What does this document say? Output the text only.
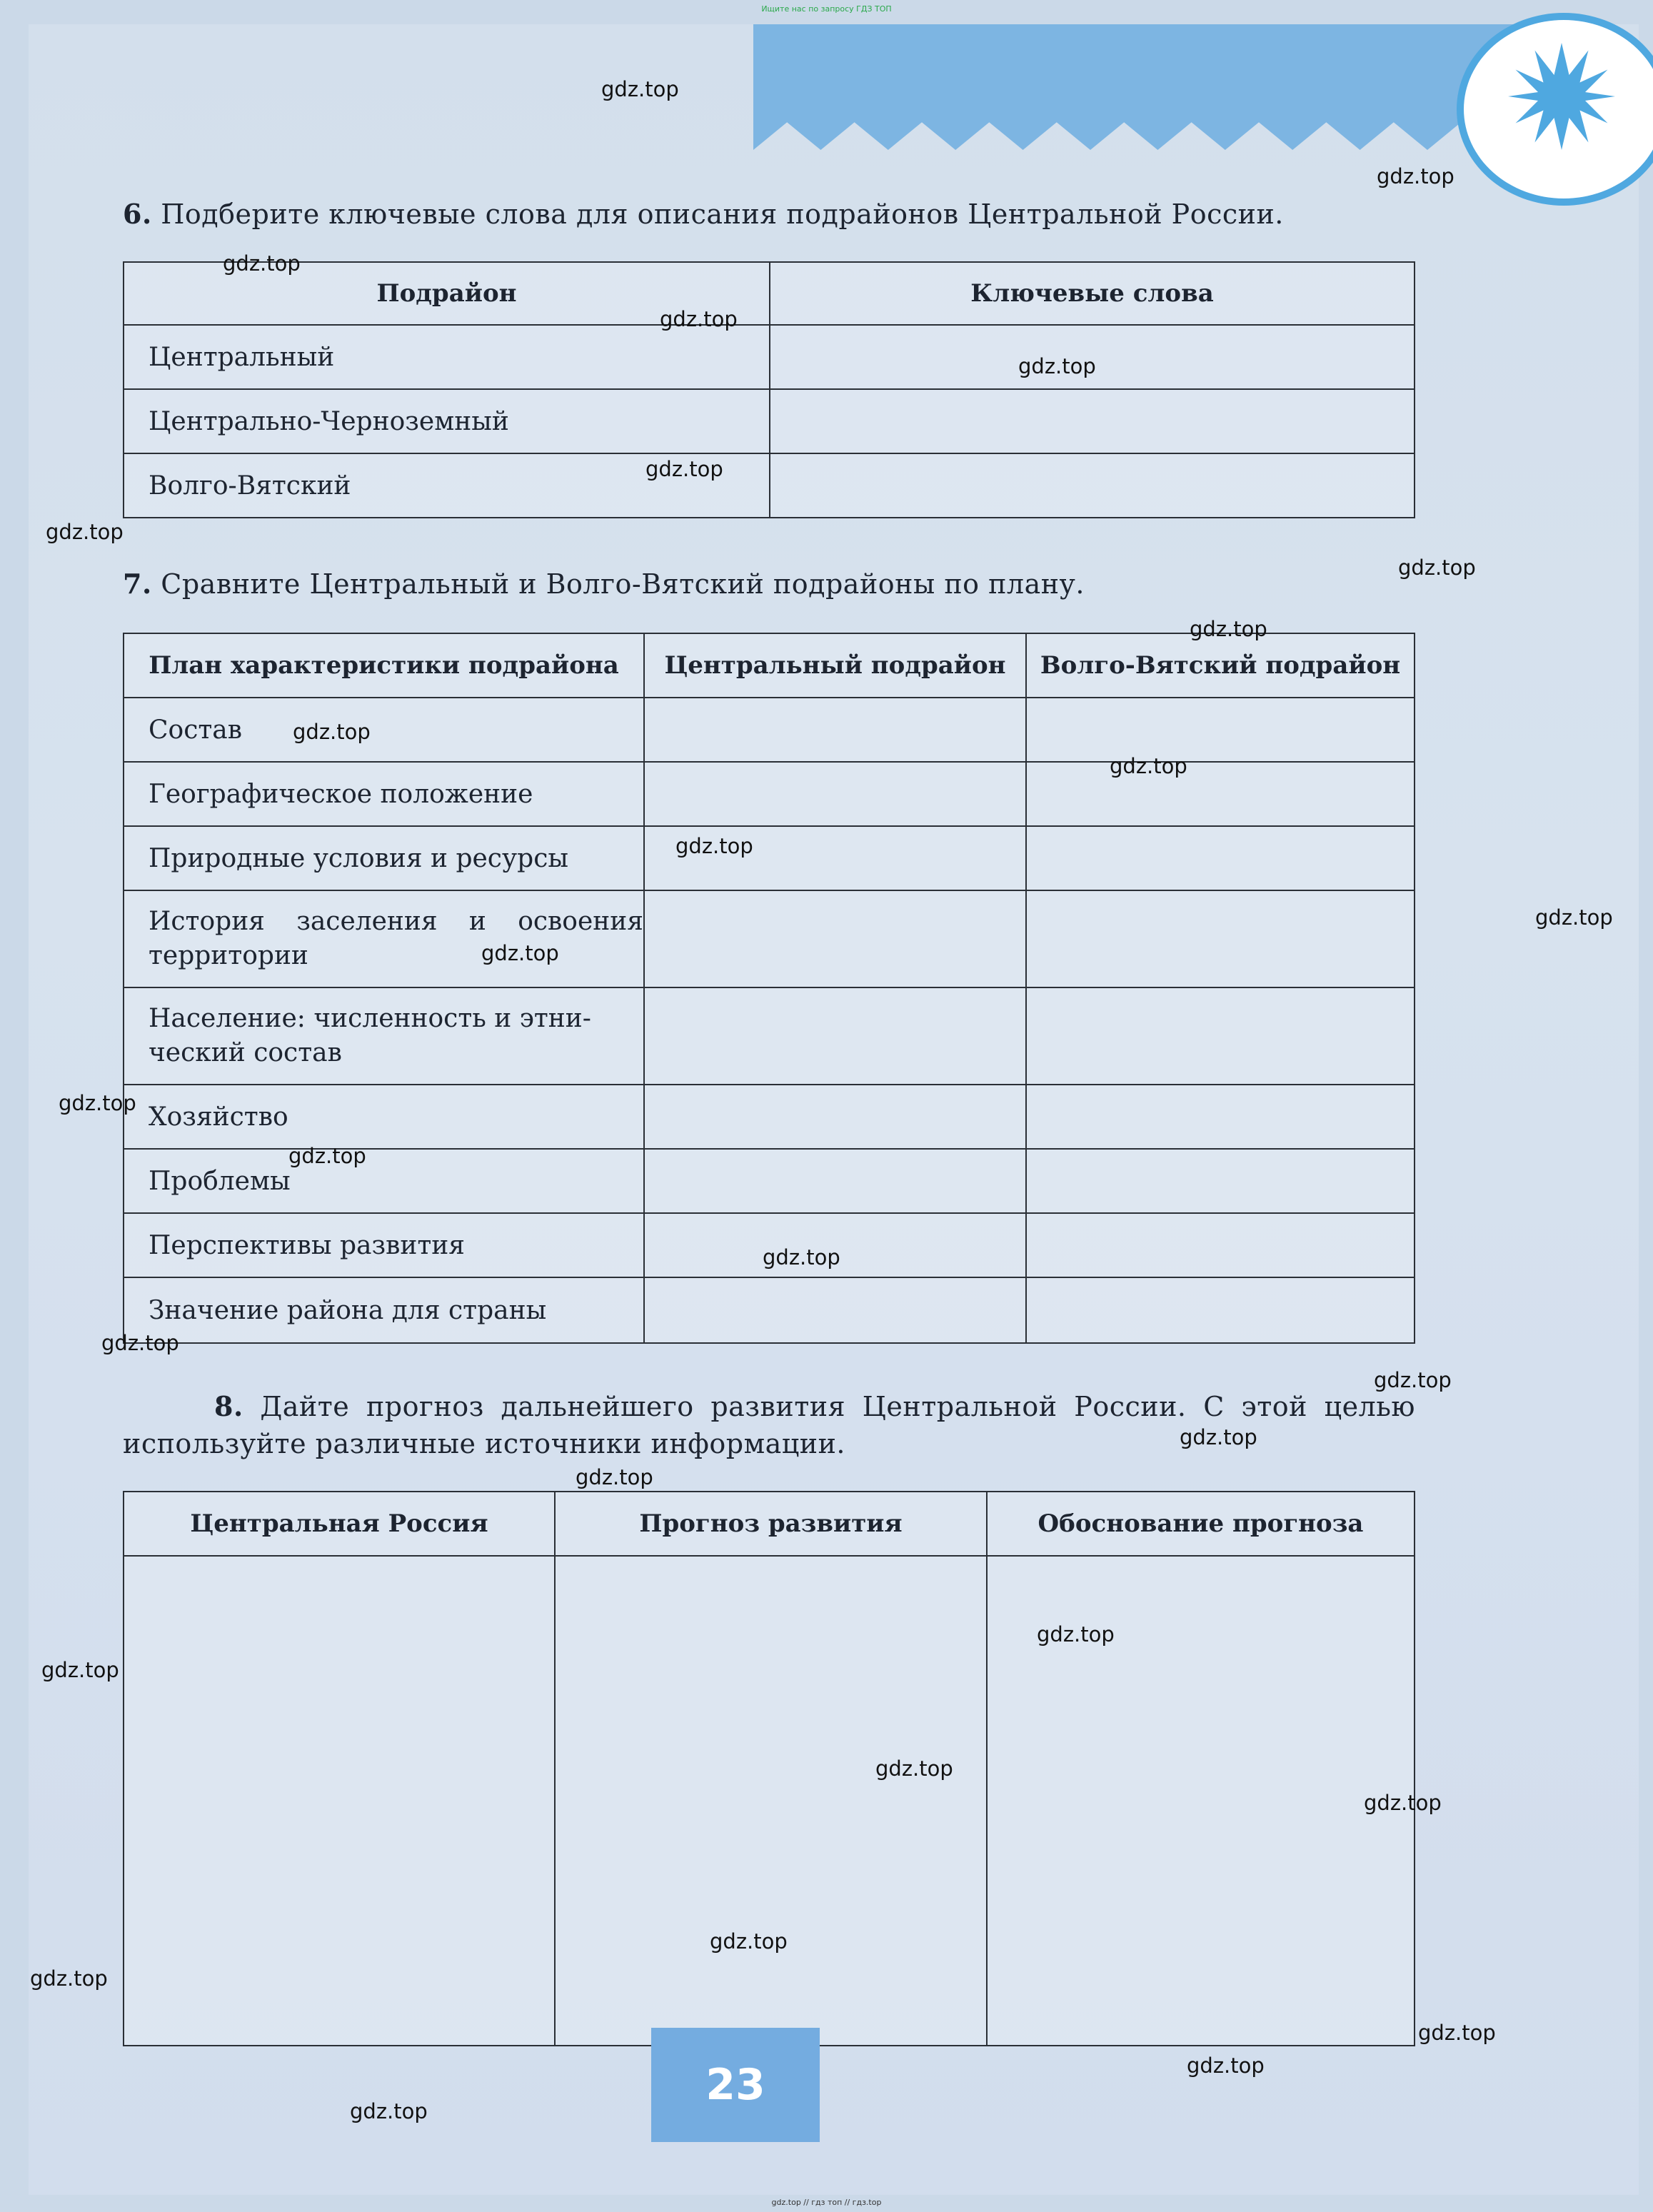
Ищите нас по запросу ГДЗ ТОП
6. Подберите ключевые слова для описания подрайонов Центральной России.
Подрайон	Ключевые слова
Центральный	
Центрально-Черноземный	
Волго-Вятский	
7. Сравните Центральный и Волго-Вятский подрайоны по плану.
План характеристики подрайона	Центральный подрайон	Волго-Вятский подрайон
Состав		
Географическое положение		
Природные условия и ресурсы		
История заселения и освоения территории		
Население: численность и этни-ческий состав		
Хозяйство		
Проблемы		
Перспективы развития		
Значение района для страны		
8. Дайте прогноз дальнейшего развития Центральной России. С этой целью используйте различные источники информации.
Центральная Россия	Прогноз развития	Обоснование прогноза

23
gdz.top
gdz.top
gdz.top
gdz.top
gdz.top
gdz.top
gdz.top
gdz.top
gdz.top
gdz.top
gdz.top
gdz.top
gdz.top
gdz.top
gdz.top
gdz.top
gdz.top
gdz.top
gdz.top
gdz.top
gdz.top
gdz.top
gdz.top
gdz.top
gdz.top
gdz.top
gdz.top
gdz.top
gdz.top
gdz.top
gdz.top // гдз топ // гдз.top
